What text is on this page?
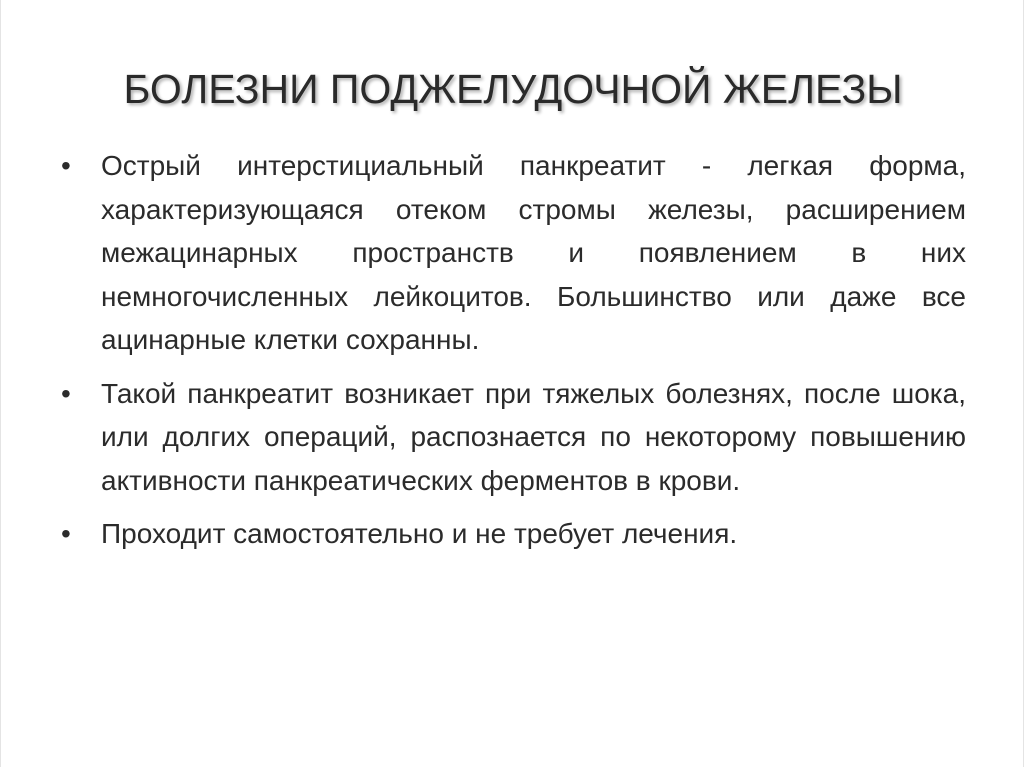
БОЛЕЗНИ ПОДЖЕЛУДОЧНОЙ ЖЕЛЕЗЫ
•	Острый интерстициальный панкреатит - легкая форма, характеризующаяся отеком стромы железы, расширением межацинарных пространств и появлением в них немногочисленных лейкоцитов. Большинство или даже все ацинарные клетки сохранны.
•	Такой панкреатит возникает при тяжелых болезнях, после шока, или долгих операций, распознается по некоторому повышению активности панкреатических ферментов в крови.
•	Проходит самостоятельно и не требует лечения.
